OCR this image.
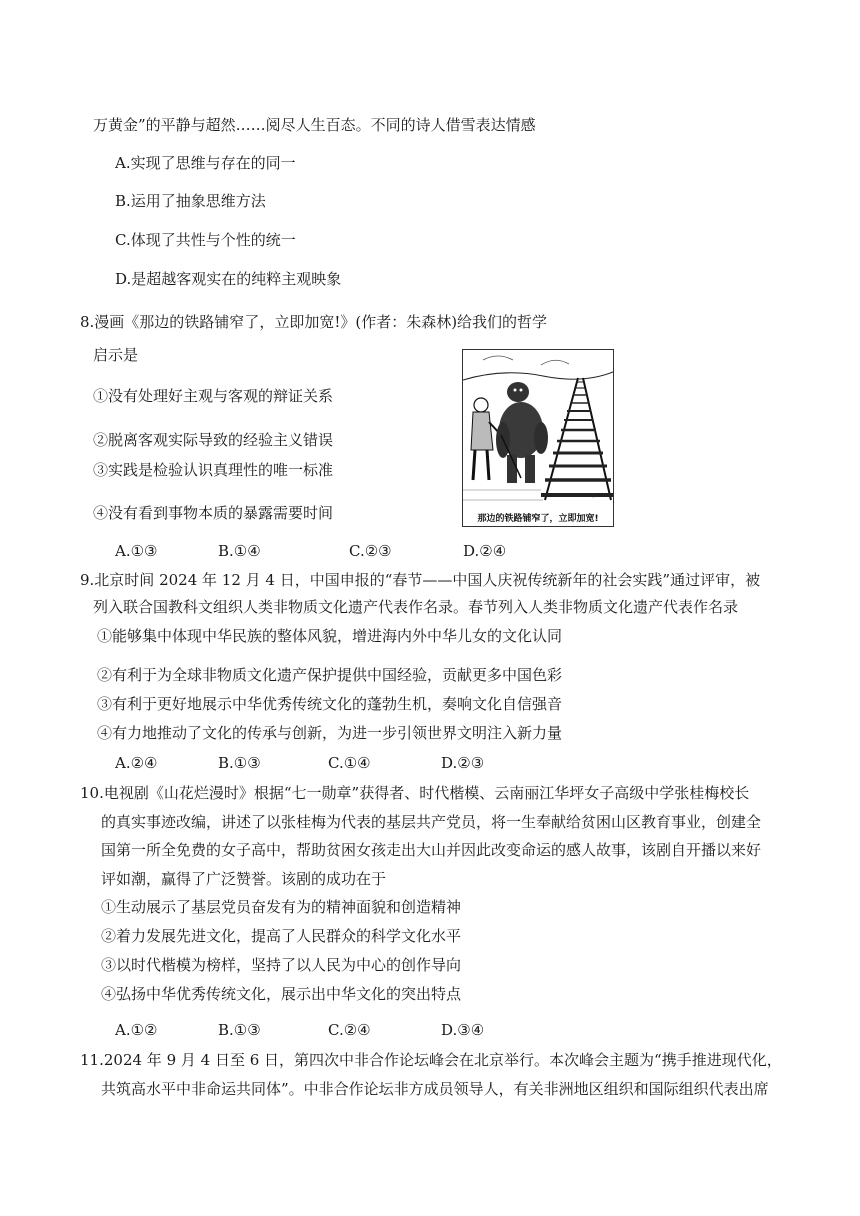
万黄金”的平静与超然……阅尽人生百态。不同的诗人借雪表达情感
A.实现了思维与存在的同一
B.运用了抽象思维方法
C.体现了共性与个性的统一
D.是超越客观实在的纯粹主观映象
8.漫画《那边的铁路铺窄了，立即加宽!》(作者：朱森林)给我们的哲学
启示是
①没有处理好主观与客观的辩证关系
②脱离客观实际导致的经验主义错误
③实践是检验认识真理性的唯一标准
④没有看到事物本质的暴露需要时间
ﾐ
那边的铁路铺窄了，立即加宽!
A.①③	B.①④	C.②③	D.②④
9.北京时间 2024 年 12 月 4 日，中国申报的“春节——中国人庆祝传统新年的社会实践”通过评审，被
列入联合国教科文组织人类非物质文化遗产代表作名录。春节列入人类非物质文化遗产代表作名录
①能够集中体现中华民族的整体风貌，增进海内外中华儿女的文化认同
②有利于为全球非物质文化遗产保护提供中国经验，贡献更多中国色彩
③有利于更好地展示中华优秀传统文化的蓬勃生机，奏响文化自信强音
④有力地推动了文化的传承与创新，为进一步引领世界文明注入新力量
A.②④	B.①③	C.①④	D.②③
10.电视剧《山花烂漫时》根据“七一勋章”获得者、时代楷模、云南丽江华坪女子高级中学张桂梅校长
的真实事迹改编，讲述了以张桂梅为代表的基层共产党员，将一生奉献给贫困山区教育事业，创建全
国第一所全免费的女子高中，帮助贫困女孩走出大山并因此改变命运的感人故事，该剧自开播以来好
评如潮，赢得了广泛赞誉。该剧的成功在于
①生动展示了基层党员奋发有为的精神面貌和创造精神
②着力发展先进文化，提高了人民群众的科学文化水平
③以时代楷模为榜样，坚持了以人民为中心的创作导向
④弘扬中华优秀传统文化，展示出中华文化的突出特点
A.①②	B.①③	C.②④	D.③④
11.2024 年 9 月 4 日至 6 日，第四次中非合作论坛峰会在北京举行。本次峰会主题为“携手推进现代化，
共筑高水平中非命运共同体”。中非合作论坛非方成员领导人，有关非洲地区组织和国际组织代表出席
